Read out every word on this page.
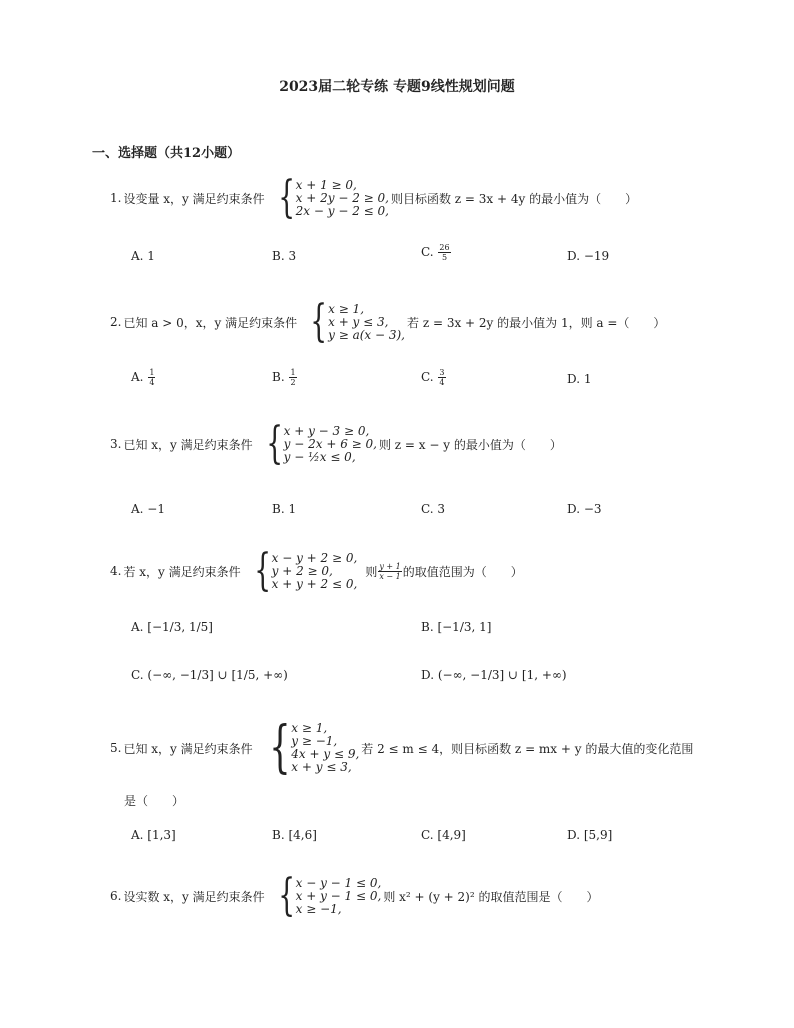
2023届二轮专练 专题9线性规划问题
一、选择题（共12小题）
1. 设变量 x，y 满足约束条件 { x + 1 ≥ 0,
x + 2y − 2 ≥ 0,
2x − y − 2 ≤ 0,
则目标函数 z = 3x + 4y 的最小值为（　　）
A. 1	B. 3	C. $\frac{26}{5}$	D. −19
2. 已知 a > 0，x，y 满足约束条件 { x ≥ 1,
x + y ≤ 3,
y ≥ a(x − 3),
若 z = 3x + 2y 的最小值为 1，则 a =（　　）
A. $\frac{1}{4}$	B. $\frac{1}{2}$	C. $\frac{3}{4}$	D. 1
3. 已知 x，y 满足约束条件 { x + y − 3 ≥ 0,
y − 2x + 6 ≥ 0,
y − ½x ≤ 0,
则 z = x − y 的最小值为（　　）
A. −1	B. 1	C. 3	D. −3
4. 若 x，y 满足约束条件 { x − y + 2 ≥ 0,
y + 2 ≥ 0,
x + y + 2 ≤ 0,
则 $\frac{y + 1}{x - 1}$ 的取值范围为（　　）
A. [−1/3, 1/5]	B. [−1/3, 1]
C. (−∞, −1/3] ∪ [1/5, +∞)	D. (−∞, −1/3] ∪ [1, +∞)
5. 已知 x，y 满足约束条件 { x ≥ 1,
y ≥ −1,
4x + y ≤ 9,
x + y ≤ 3,
若 2 ≤ m ≤ 4，则目标函数 z = mx + y 的最大值的变化范围
是（　　）
A. [1,3]	B. [4,6]	C. [4,9]	D. [5,9]
6. 设实数 x，y 满足约束条件 { x − y − 1 ≤ 0,
x + y − 1 ≤ 0,
x ≥ −1,
则 x² + (y + 2)² 的取值范围是（　　）
